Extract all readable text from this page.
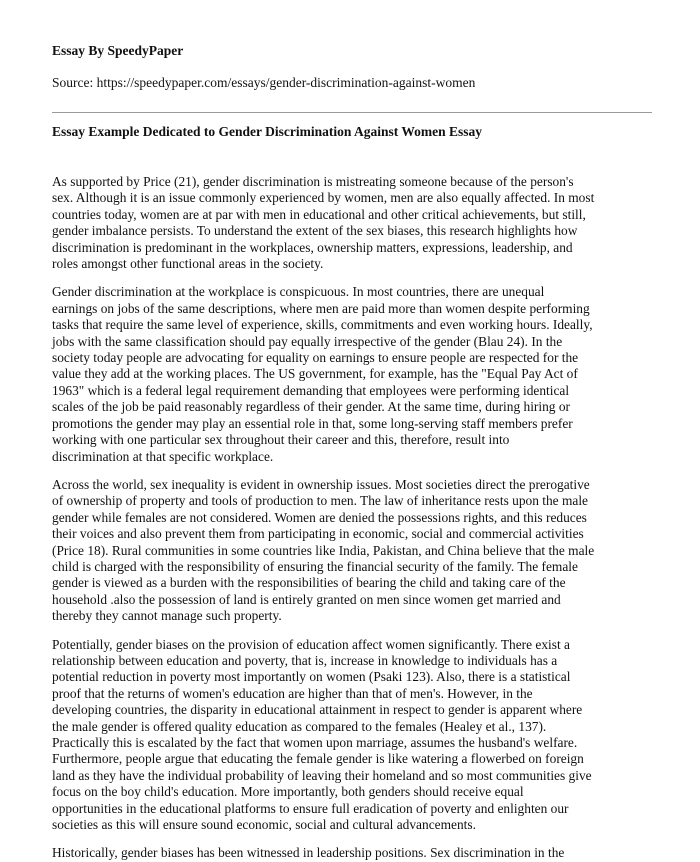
Essay By SpeedyPaper
Source: https://speedypaper.com/essays/gender-discrimination-against-women
Essay Example Dedicated to Gender Discrimination Against Women Essay

As supported by Price (21), gender discrimination is mistreating someone because of the person's
sex. Although it is an issue commonly experienced by women, men are also equally affected. In most
countries today, women are at par with men in educational and other critical achievements, but still,
gender imbalance persists. To understand the extent of the sex biases, this research highlights how
discrimination is predominant in the workplaces, ownership matters, expressions, leadership, and
roles amongst other functional areas in the society.

Gender discrimination at the workplace is conspicuous. In most countries, there are unequal
earnings on jobs of the same descriptions, where men are paid more than women despite performing
tasks that require the same level of experience, skills, commitments and even working hours. Ideally,
jobs with the same classification should pay equally irrespective of the gender (Blau 24). In the
society today people are advocating for equality on earnings to ensure people are respected for the
value they add at the working places. The US government, for example, has the "Equal Pay Act of
1963" which is a federal legal requirement demanding that employees were performing identical
scales of the job be paid reasonably regardless of their gender. At the same time, during hiring or
promotions the gender may play an essential role in that, some long-serving staff members prefer
working with one particular sex throughout their career and this, therefore, result into
discrimination at that specific workplace.

Across the world, sex inequality is evident in ownership issues. Most societies direct the prerogative
of ownership of property and tools of production to men. The law of inheritance rests upon the male
gender while females are not considered. Women are denied the possessions rights, and this reduces
their voices and also prevent them from participating in economic, social and commercial activities
(Price 18). Rural communities in some countries like India, Pakistan, and China believe that the male
child is charged with the responsibility of ensuring the financial security of the family. The female
gender is viewed as a burden with the responsibilities of bearing the child and taking care of the
household .also the possession of land is entirely granted on men since women get married and
thereby they cannot manage such property.

Potentially, gender biases on the provision of education affect women significantly. There exist a
relationship between education and poverty, that is, increase in knowledge to individuals has a
potential reduction in poverty most importantly on women (Psaki 123). Also, there is a statistical
proof that the returns of women's education are higher than that of men's. However, in the
developing countries, the disparity in educational attainment in respect to gender is apparent where
the male gender is offered quality education as compared to the females (Healey et al., 137).
Practically this is escalated by the fact that women upon marriage, assumes the husband's welfare.
Furthermore, people argue that educating the female gender is like watering a flowerbed on foreign
land as they have the individual probability of leaving their homeland and so most communities give
focus on the boy child's education. More importantly, both genders should receive equal
opportunities in the educational platforms to ensure full eradication of poverty and enlighten our
societies as this will ensure sound economic, social and cultural advancements.

Historically, gender biases has been witnessed in leadership positions. Sex discrimination in the
